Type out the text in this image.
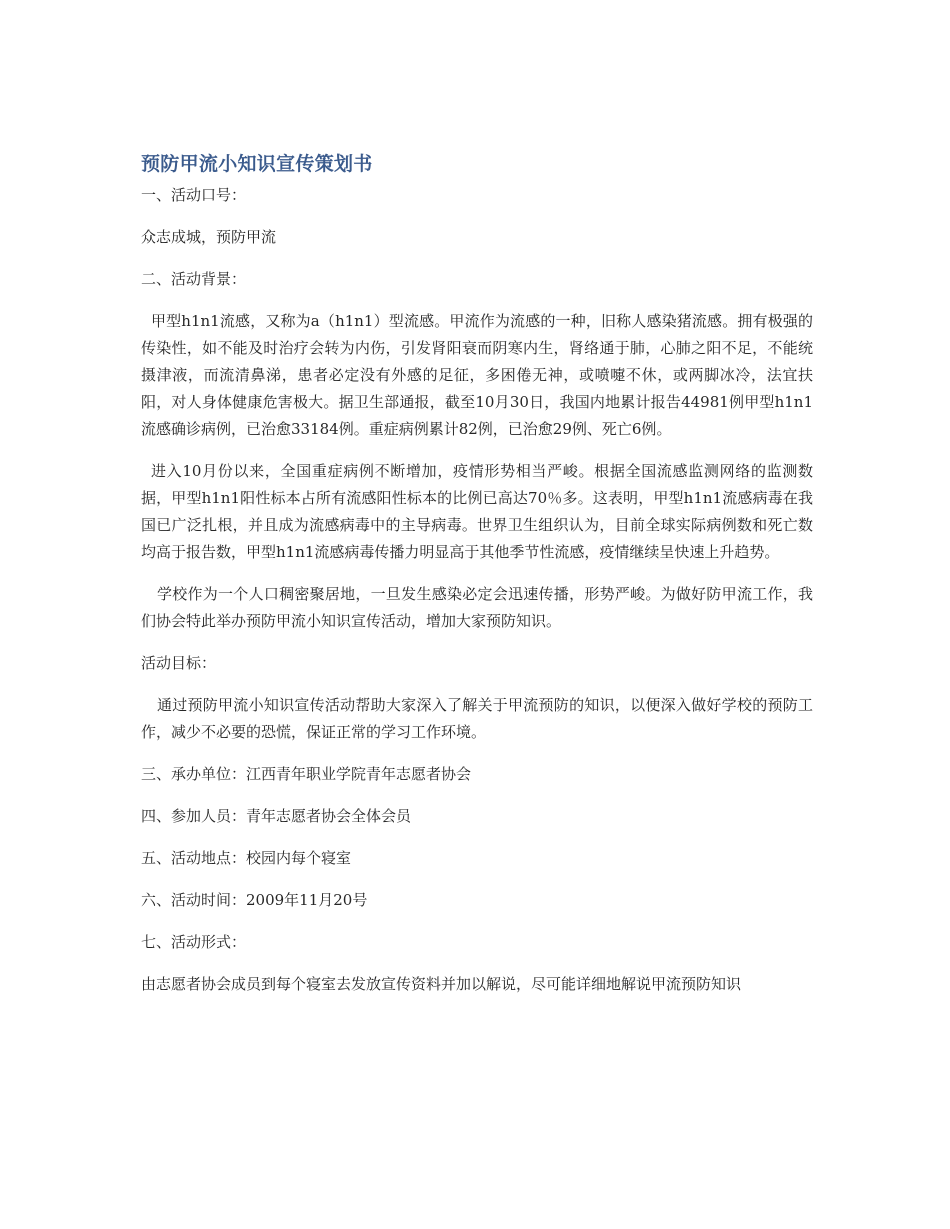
预防甲流小知识宣传策划书

一、活动口号：

众志成城，预防甲流

二、活动背景：

甲型h1n1流感，又称为a（h1n1）型流感。甲流作为流感的一种，旧称人感染猪流感。拥有极强的传染性，如不能及时治疗会转为内伤，引发肾阳衰而阴寒内生，肾络通于肺，心肺之阳不足，不能统摄津液，而流清鼻涕，患者必定没有外感的足征，多困倦无神，或喷嚏不休，或两脚冰冷，法宜扶阳，对人身体健康危害极大。据卫生部通报，截至10月30日，我国内地累计报告44981例甲型h1n1流感确诊病例，已治愈33184例。重症病例累计82例，已治愈29例、死亡6例。

进入10月份以来，全国重症病例不断增加，疫情形势相当严峻。根据全国流感监测网络的监测数据，甲型h1n1阳性标本占所有流感阳性标本的比例已高达70％多。这表明，甲型h1n1流感病毒在我国已广泛扎根，并且成为流感病毒中的主导病毒。世界卫生组织认为，目前全球实际病例数和死亡数均高于报告数，甲型h1n1流感病毒传播力明显高于其他季节性流感，疫情继续呈快速上升趋势。

学校作为一个人口稠密聚居地，一旦发生感染必定会迅速传播，形势严峻。为做好防甲流工作，我们协会特此举办预防甲流小知识宣传活动，增加大家预防知识。

活动目标：

通过预防甲流小知识宣传活动帮助大家深入了解关于甲流预防的知识，以便深入做好学校的预防工作，减少不必要的恐慌，保证正常的学习工作环境。

三、承办单位：江西青年职业学院青年志愿者协会

四、参加人员：青年志愿者协会全体会员

五、活动地点：校园内每个寝室

六、活动时间：2009年11月20号

七、活动形式：

由志愿者协会成员到每个寝室去发放宣传资料并加以解说，尽可能详细地解说甲流预防知识
